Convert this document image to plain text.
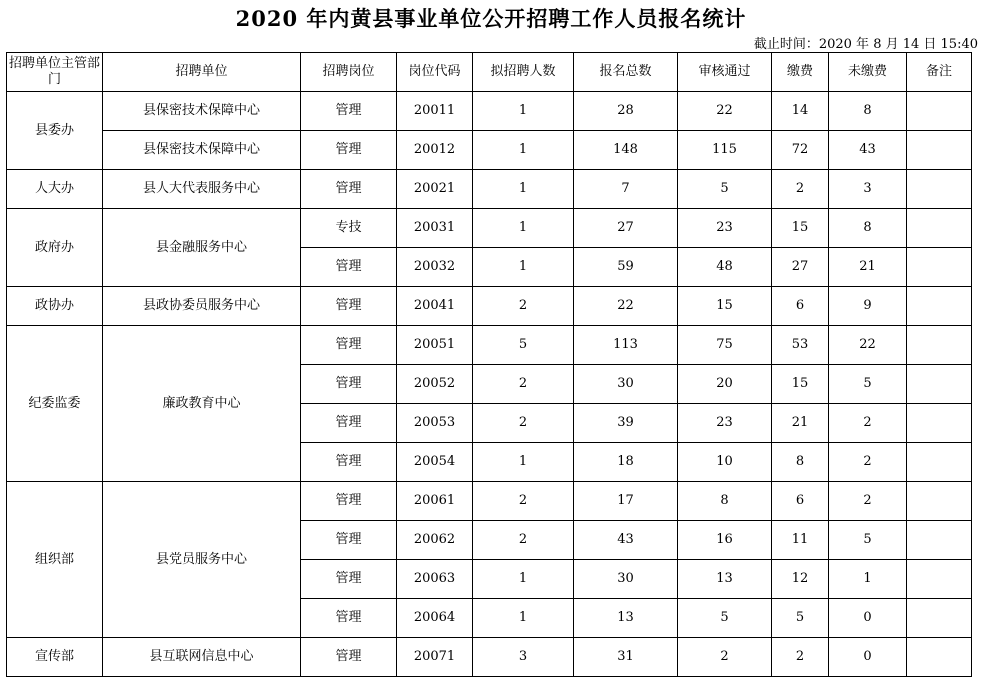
2020 年内黄县事业单位公开招聘工作人员报名统计
截止时间：2020 年 8 月 14 日 15:40
招聘单位主管部门	招聘单位	招聘岗位	岗位代码	拟招聘人数	报名总数	审核通过	缴费	未缴费	备注
县委办	县保密技术保障中心	管理	20011	1	28	22	14	8	
	县保密技术保障中心	管理	20012	1	148	115	72	43	
人大办	县人大代表服务中心	管理	20021	1	7	5	2	3	
政府办	县金融服务中心	专技	20031	1	27	23	15	8	
		管理	20032	1	59	48	27	21	
政协办	县政协委员服务中心	管理	20041	2	22	15	6	9	
纪委监委	廉政教育中心	管理	20051	5	113	75	53	22	
		管理	20052	2	30	20	15	5	
		管理	20053	2	39	23	21	2	
		管理	20054	1	18	10	8	2	
组织部	县党员服务中心	管理	20061	2	17	8	6	2	
		管理	20062	2	43	16	11	5	
		管理	20063	1	30	13	12	1	
		管理	20064	1	13	5	5	0	
宣传部	县互联网信息中心	管理	20071	3	31	2	2	0	
